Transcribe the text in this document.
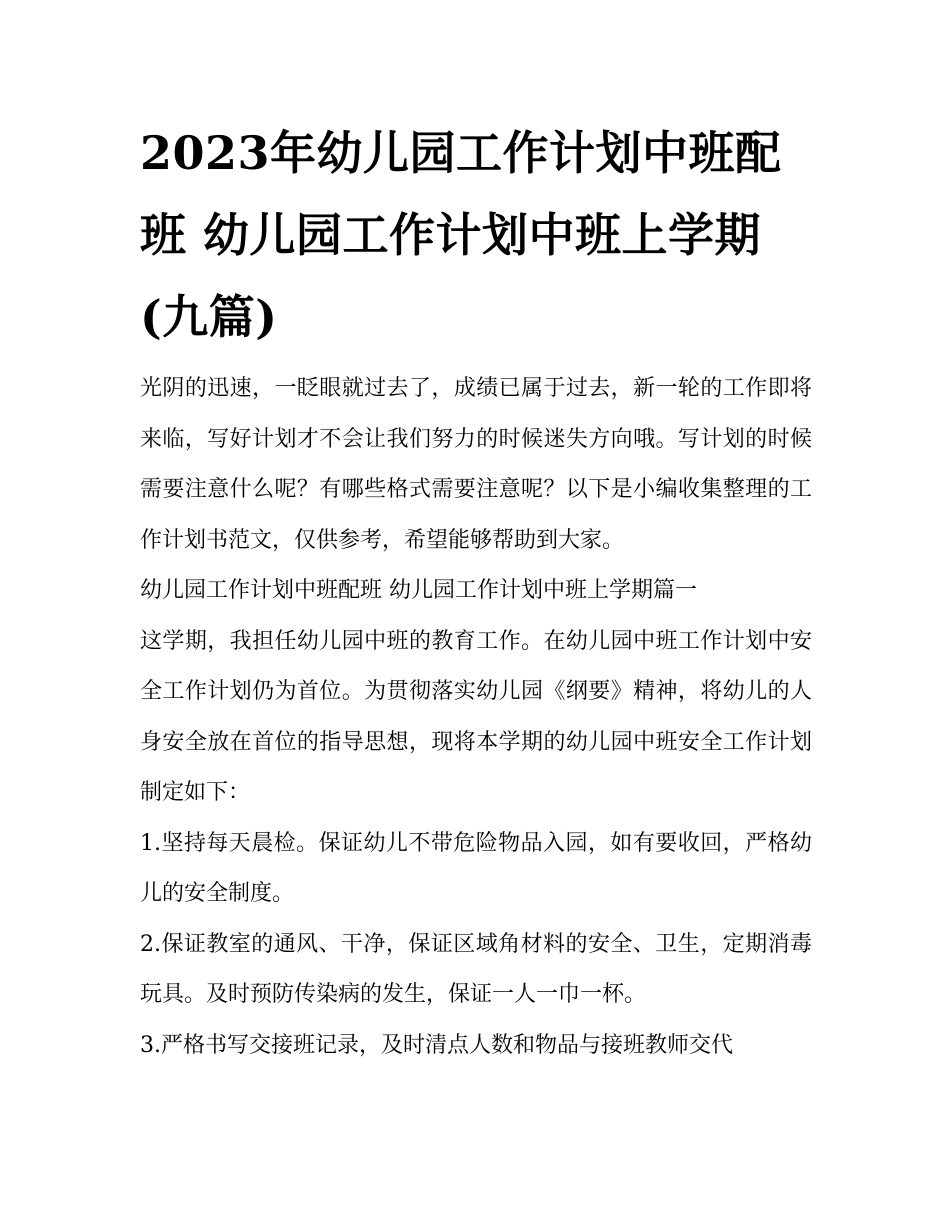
2023年幼儿园工作计划中班配班 幼儿园工作计划中班上学期(九篇)

光阴的迅速，一眨眼就过去了，成绩已属于过去，新一轮的工作即将来临，写好计划才不会让我们努力的时候迷失方向哦。写计划的时候需要注意什么呢？有哪些格式需要注意呢？以下是小编收集整理的工作计划书范文，仅供参考，希望能够帮助到大家。

幼儿园工作计划中班配班 幼儿园工作计划中班上学期篇一

这学期，我担任幼儿园中班的教育工作。在幼儿园中班工作计划中安全工作计划仍为首位。为贯彻落实幼儿园《纲要》精神，将幼儿的人身安全放在首位的指导思想，现将本学期的幼儿园中班安全工作计划制定如下：

1.坚持每天晨检。保证幼儿不带危险物品入园，如有要收回，严格幼儿的安全制度。

2.保证教室的通风、干净，保证区域角材料的安全、卫生，定期消毒玩具。及时预防传染病的发生，保证一人一巾一杯。

3.严格书写交接班记录，及时清点人数和物品与接班教师交代
